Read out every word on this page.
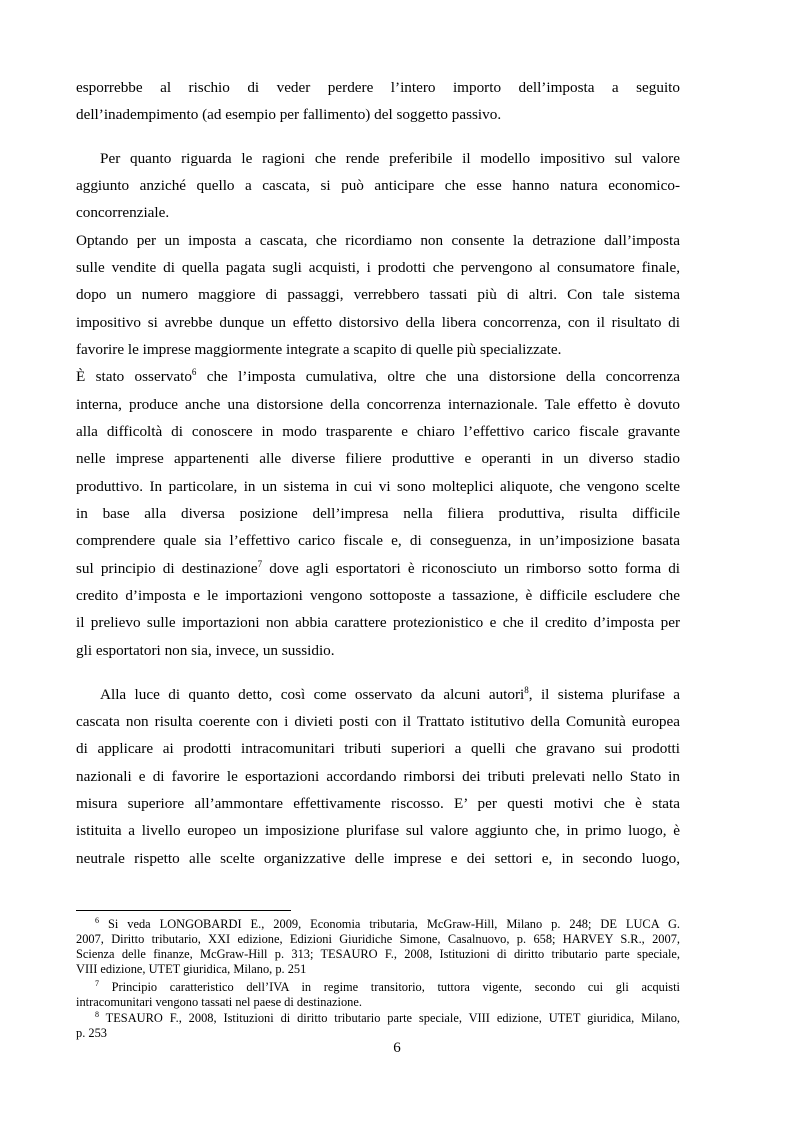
esporrebbe al rischio di veder perdere l’intero importo dell’imposta a seguito
dell’inadempimento (ad esempio per fallimento) del soggetto passivo.
Per quanto riguarda le ragioni che rende preferibile il modello impositivo sul valore
aggiunto anziché quello a cascata, si può anticipare che esse hanno natura economico-
concorrenziale.
Optando per un imposta a cascata, che ricordiamo non consente la detrazione dall’imposta
sulle vendite di quella pagata sugli acquisti, i prodotti che pervengono al consumatore finale,
dopo un numero maggiore di passaggi, verrebbero tassati più di altri. Con tale sistema
impositivo si avrebbe dunque un effetto distorsivo della libera concorrenza, con il risultato di
favorire le imprese maggiormente integrate a scapito di quelle più specializzate.
È stato osservato$^6$ che l’imposta cumulativa, oltre che una distorsione della concorrenza
interna, produce anche una distorsione della concorrenza internazionale. Tale effetto è dovuto
alla difficoltà di conoscere in modo trasparente e chiaro l’effettivo carico fiscale gravante
nelle imprese appartenenti alle diverse filiere produttive e operanti in un diverso stadio
produttivo. In particolare, in un sistema in cui vi sono molteplici aliquote, che vengono scelte
in base alla diversa posizione dell’impresa nella filiera produttiva, risulta difficile
comprendere quale sia l’effettivo carico fiscale e, di conseguenza, in un’imposizione basata
sul principio di destinazione$^7$ dove agli esportatori è riconosciuto un rimborso sotto forma di
credito d’imposta e le importazioni vengono sottoposte a tassazione, è difficile escludere che
il prelievo sulle importazioni non abbia carattere protezionistico e che il credito d’imposta per
gli esportatori non sia, invece, un sussidio.
Alla luce di quanto detto, così come osservato da alcuni autori$^8$, il sistema plurifase a
cascata non risulta coerente con i divieti posti con il Trattato istitutivo della Comunità europea
di applicare ai prodotti intracomunitari tributi superiori a quelli che gravano sui prodotti
nazionali e di favorire le esportazioni accordando rimborsi dei tributi prelevati nello Stato in
misura superiore all’ammontare effettivamente riscosso. E’ per questi motivi che è stata
istituita a livello europeo un imposizione plurifase sul valore aggiunto che, in primo luogo, è
neutrale rispetto alle scelte organizzative delle imprese e dei settori e, in secondo luogo,
$^6$ Si veda LONGOBARDI E., 2009, Economia tributaria, McGraw-Hill, Milano p. 248; DE LUCA G.
2007, Diritto tributario, XXI edizione, Edizioni Giuridiche Simone, Casalnuovo, p. 658; HARVEY S.R., 2007,
Scienza delle finanze, McGraw-Hill p. 313; TESAURO F., 2008, Istituzioni di diritto tributario parte speciale,
VIII edizione, UTET giuridica, Milano, p. 251
$^7$ Principio caratteristico dell’IVA in regime transitorio, tuttora vigente, secondo cui gli acquisti
intracomunitari vengono tassati nel paese di destinazione.
$^8$ TESAURO F., 2008, Istituzioni di diritto tributario parte speciale, VIII edizione, UTET giuridica, Milano,
p. 253
6
